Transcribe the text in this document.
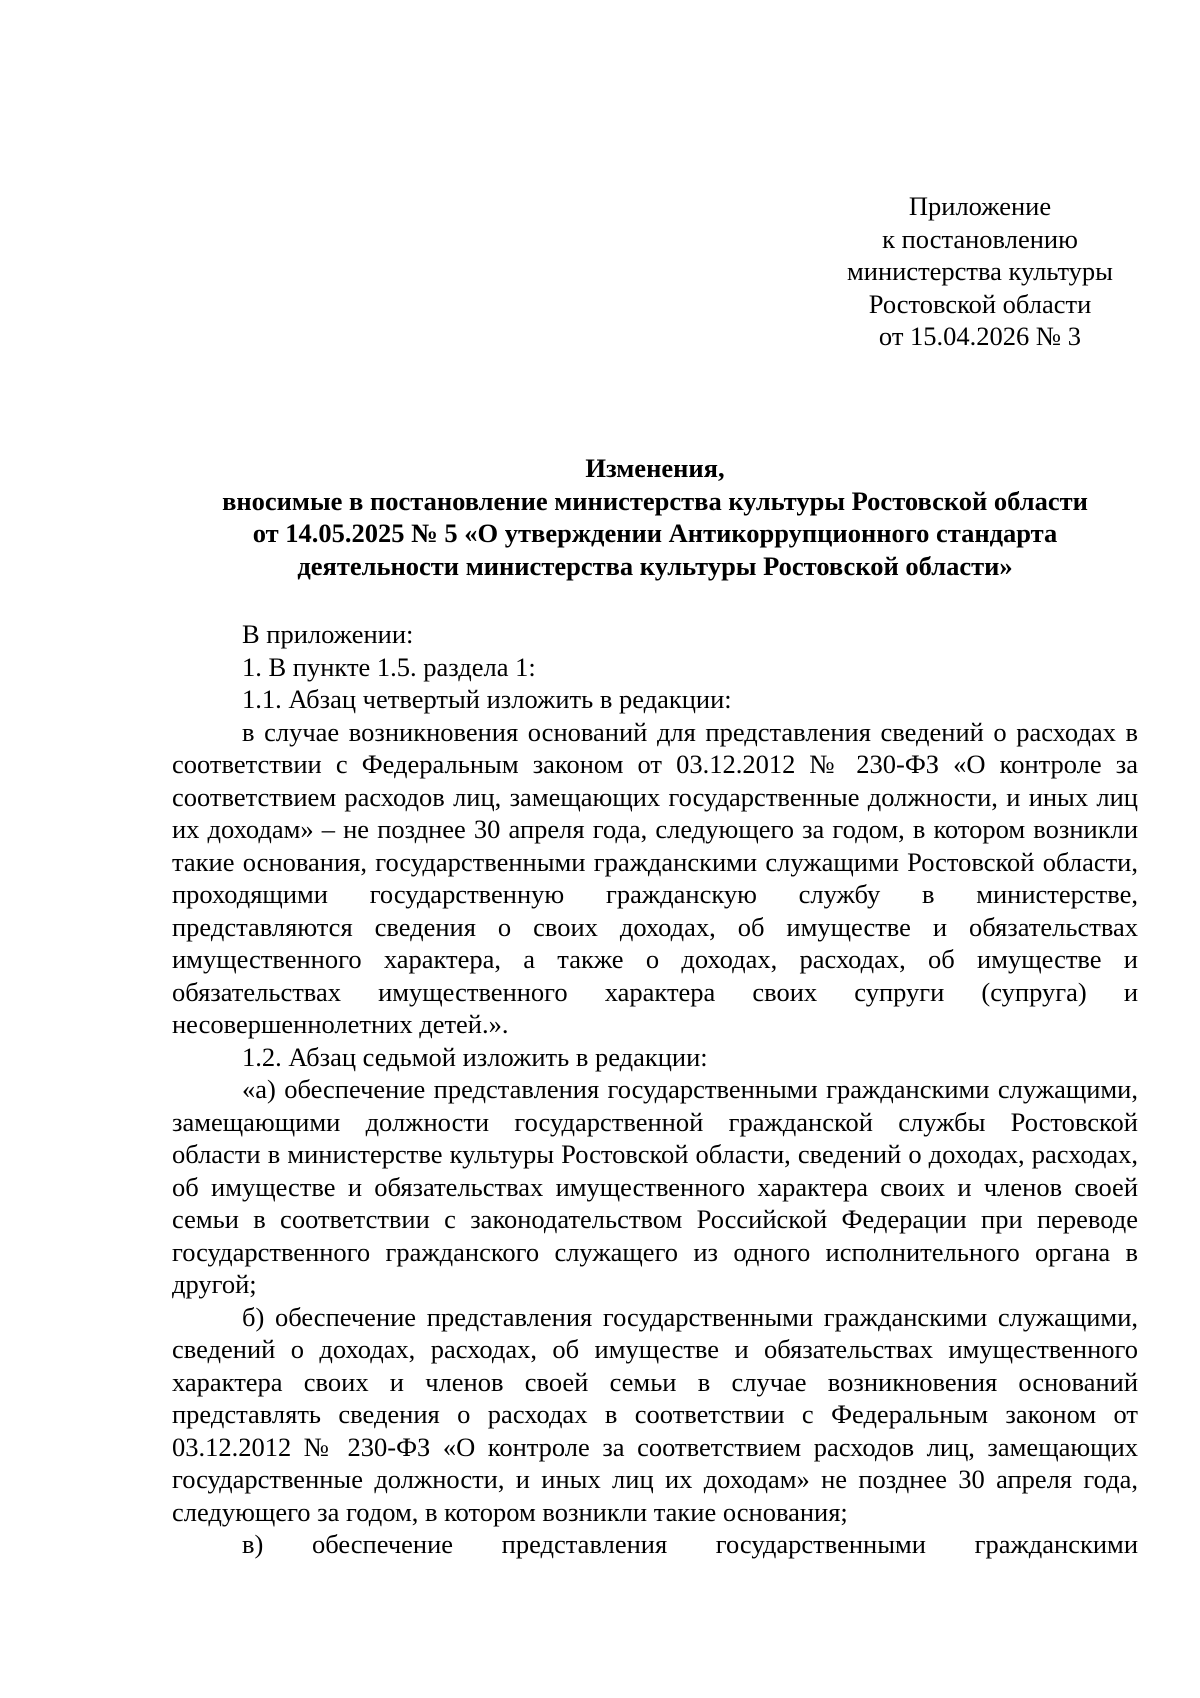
Приложение
к постановлению
министерства культуры
Ростовской области
от 15.04.2026 № 3
Изменения,
вносимые в постановление министерства культуры Ростовской области
от 14.05.2025 № 5 «О утверждении Антикоррупционного стандарта
деятельности министерства культуры Ростовской области»

В приложении:

1. В пункте 1.5. раздела 1:

1.1. Абзац четвертый изложить в редакции:

в случае возникновения оснований для представления сведений о расходах в соответствии с Федеральным законом от 03.12.2012 № 230-ФЗ «О контроле за соответствием расходов лиц, замещающих государственные должности, и иных лиц их доходам» – не позднее 30 апреля года, следующего за годом, в котором возникли такие основания, государственными гражданскими служащими Ростовской области, проходящими государственную гражданскую службу в министерстве, представляются сведения о своих доходах, об имуществе и обязательствах имущественного характера, а также о доходах, расходах, об имуществе и обязательствах имущественного характера своих супруги (супруга) и несовершеннолетних детей.».

1.2. Абзац седьмой изложить в редакции:

«а) обеспечение представления государственными гражданскими служащими, замещающими должности государственной гражданской службы Ростовской области в министерстве культуры Ростовской области, сведений о доходах, расходах, об имуществе и обязательствах имущественного характера своих и членов своей семьи в соответствии с законодательством Российской Федерации при переводе государственного гражданского служащего из одного исполнительного органа в другой;

б) обеспечение представления государственными гражданскими служащими, сведений о доходах, расходах, об имуществе и обязательствах имущественного характера своих и членов своей семьи в случае возникновения оснований представлять сведения о расходах в соответствии с Федеральным законом от 03.12.2012 № 230-ФЗ «О контроле за соответствием расходов лиц, замещающих государственные должности, и иных лиц их доходам» не позднее 30 апреля года, следующего за годом, в котором возникли такие основания;

в) обеспечение представления государственными гражданскими
